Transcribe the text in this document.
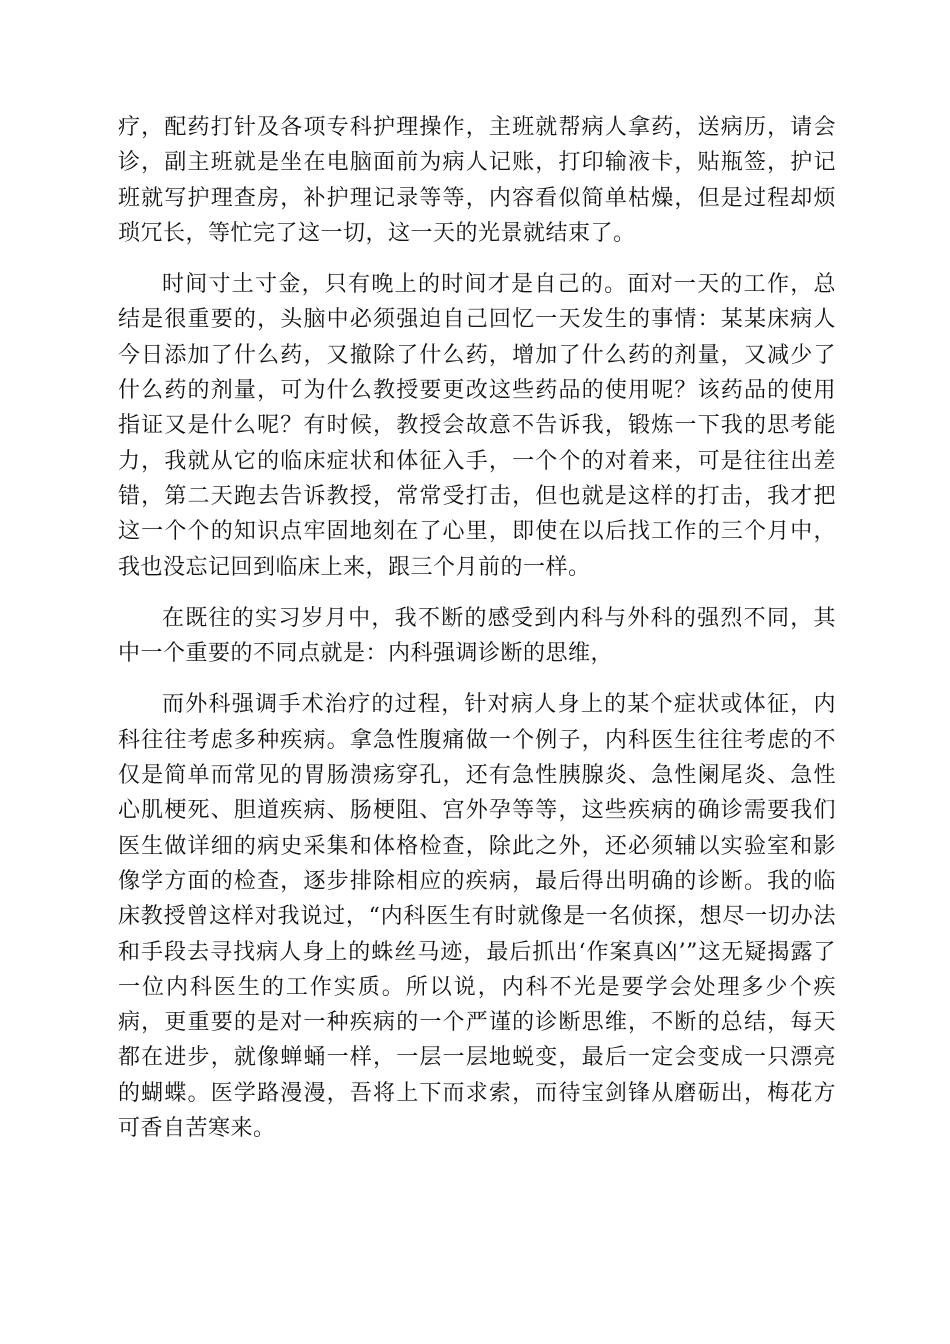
疗，配药打针及各项专科护理操作，主班就帮病人拿药，送病历，请会诊，副主班就是坐在电脑面前为病人记账，打印输液卡，贴瓶签，护记班就写护理查房，补护理记录等等，内容看似简单枯燥，但是过程却烦琐冗长，等忙完了这一切，这一天的光景就结束了。

时间寸土寸金，只有晚上的时间才是自己的。面对一天的工作，总结是很重要的，头脑中必须强迫自己回忆一天发生的事情：某某床病人今日添加了什么药，又撤除了什么药，增加了什么药的剂量，又减少了什么药的剂量，可为什么教授要更改这些药品的使用呢？该药品的使用指证又是什么呢？有时候，教授会故意不告诉我，锻炼一下我的思考能力，我就从它的临床症状和体征入手，一个个的对着来，可是往往出差错，第二天跑去告诉教授，常常受打击，但也就是这样的打击，我才把这一个个的知识点牢固地刻在了心里，即使在以后找工作的三个月中，我也没忘记回到临床上来，跟三个月前的一样。

在既往的实习岁月中，我不断的感受到内科与外科的强烈不同，其中一个重要的不同点就是：内科强调诊断的思维，

而外科强调手术治疗的过程，针对病人身上的某个症状或体征，内科往往考虑多种疾病。拿急性腹痛做一个例子，内科医生往往考虑的不仅是简单而常见的胃肠溃疡穿孔，还有急性胰腺炎、急性阑尾炎、急性心肌梗死、胆道疾病、肠梗阻、宫外孕等等，这些疾病的确诊需要我们医生做详细的病史采集和体格检查，除此之外，还必须辅以实验室和影像学方面的检查，逐步排除相应的疾病，最后得出明确的诊断。我的临床教授曾这样对我说过，“内科医生有时就像是一名侦探，想尽一切办法和手段去寻找病人身上的蛛丝马迹，最后抓出‘作案真凶’”这无疑揭露了一位内科医生的工作实质。所以说，内科不光是要学会处理多少个疾病，更重要的是对一种疾病的一个严谨的诊断思维，不断的总结，每天都在进步，就像蝉蛹一样，一层一层地蜕变，最后一定会变成一只漂亮的蝴蝶。医学路漫漫，吾将上下而求索，而待宝剑锋从磨砺出，梅花方可香自苦寒来。
